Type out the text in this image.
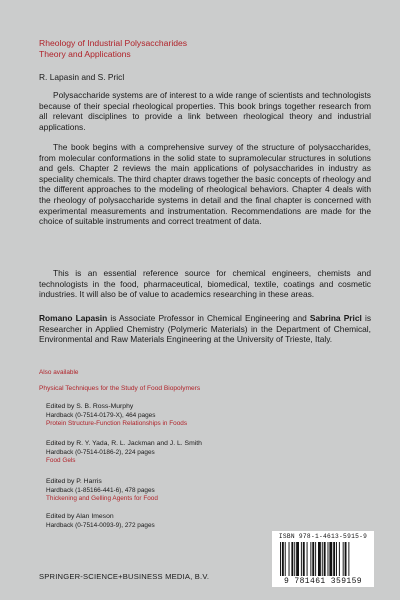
Rheology of Industrial Polysaccharides
Theory and Applications
R. Lapasin and S. Pricl

Polysaccharide systems are of interest to a wide range of scientists and technologists because of their special rheological properties. This book brings together research from all relevant disciplines to provide a link between rheological theory and industrial applications.

The book begins with a comprehensive survey of the structure of polysaccharides, from molecular conformations in the solid state to supramolecular structures in solutions and gels. Chapter 2 reviews the main applications of polysaccharides in industry as speciality chemicals. The third chapter draws together the basic concepts of rheology and the different approaches to the modeling of rheological behaviors. Chapter 4 deals with the rheology of polysaccharide systems in detail and the final chapter is concerned with experimental measurements and instrumentation. Recommendations are made for the choice of suitable instruments and correct treatment of data.

This is an essential reference source for chemical engineers, chemists and technologists in the food, pharmaceutical, biomedical, textile, coatings and cosmetic industries. It will also be of value to academics researching in these areas.

Romano Lapasin is Associate Professor in Chemical Engineering and Sabrina Pricl is Researcher in Applied Chemistry (Polymeric Materials) in the Department of Chemical, Environmental and Raw Materials Engineering at the University of Trieste, Italy.

Also available
Physical Techniques for the Study of Food Biopolymers
Edited by S. B. Ross-Murphy
Hardback (0-7514-0179-X), 464 pages
Protein Structure-Function Relationships in Foods
Edited by R. Y. Yada, R. L. Jackman and J. L. Smith
Hardback (0-7514-0186-2), 224 pages
Food Gels
Edited by P. Harris
Hardback (1-85166-441-6), 478 pages
Thickening and Gelling Agents for Food
Edited by Alan Imeson
Hardback (0-7514-0093-9), 272 pages
ISBN 978-1-4613-5915-9
9 781461 359159
SPRINGER-SCIENCE+BUSINESS MEDIA, B.V.
